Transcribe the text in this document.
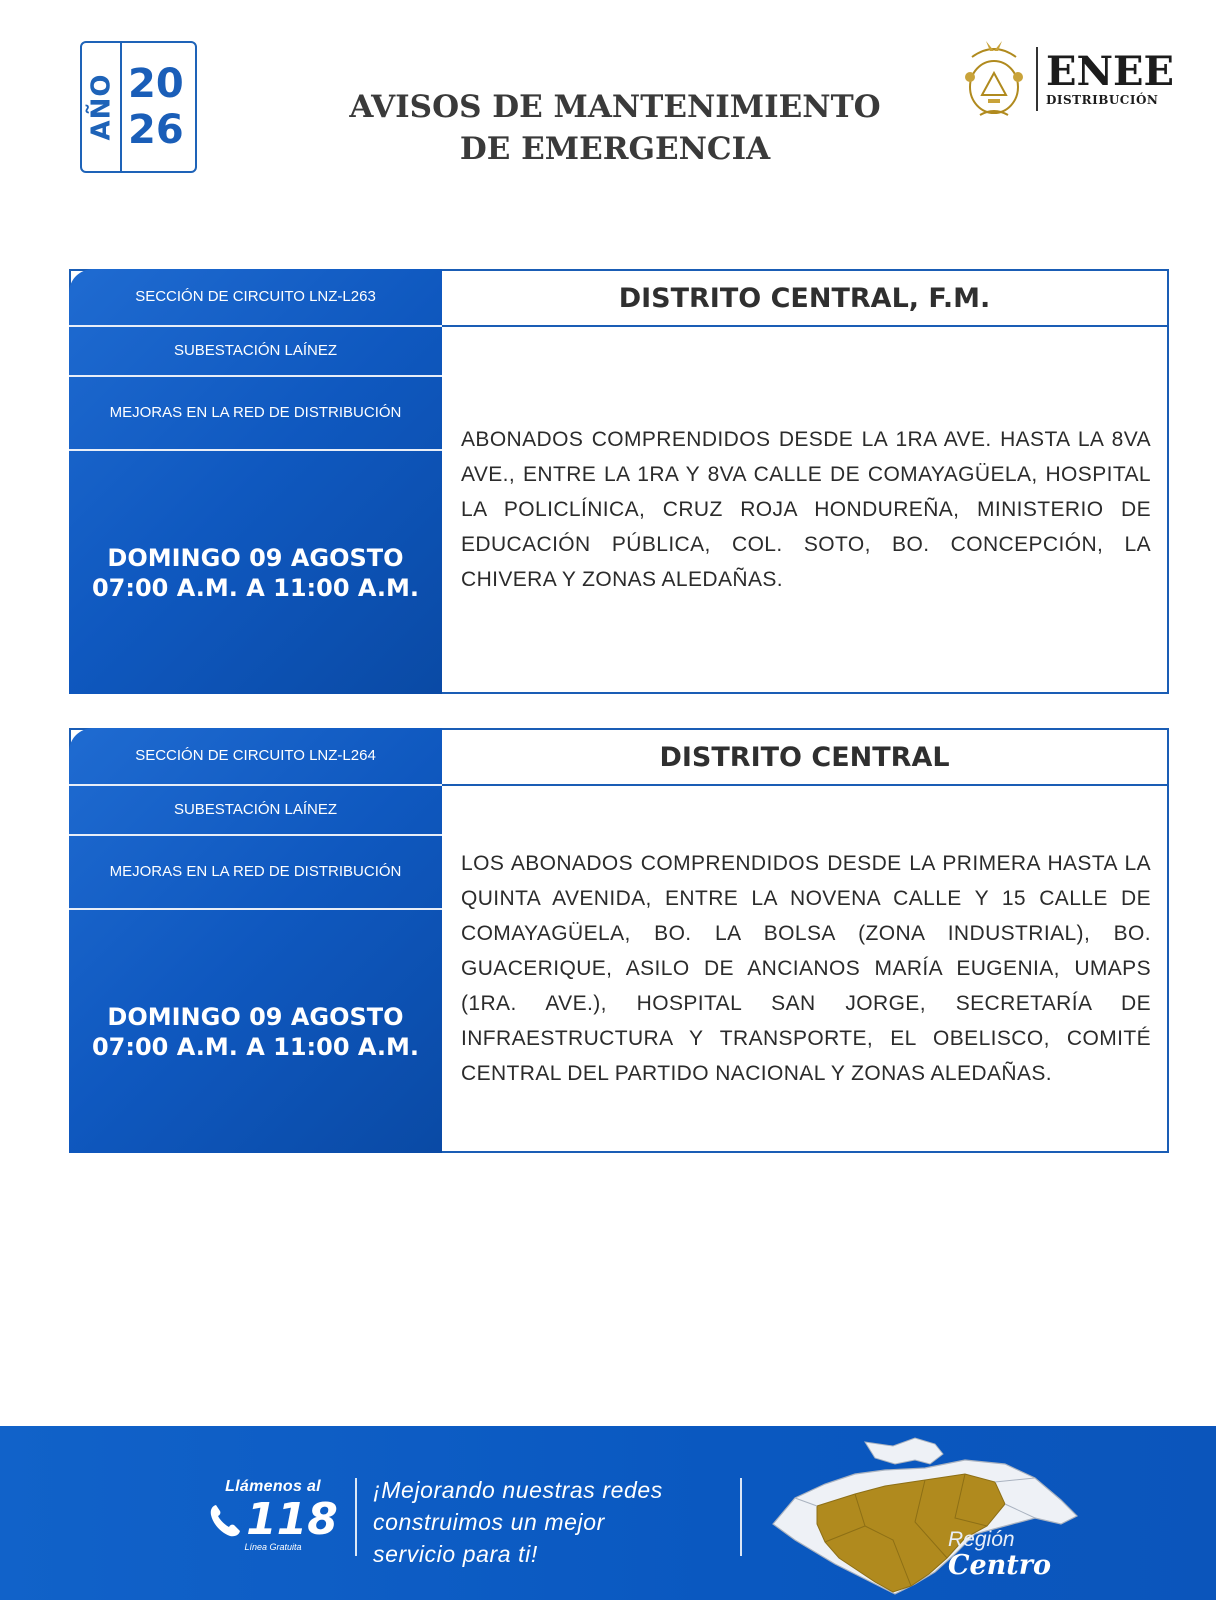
AÑO 20
26	AVISOS DE MANTENIMIENTO
DE EMERGENCIA
ENEE
DISTRIBUCIÓN
SECCIÓN DE CIRCUITO LNZ-L263
SUBESTACIÓN LAÍNEZ
MEJORAS EN LA RED DE DISTRIBUCIÓN
DOMINGO 09 AGOSTO
07:00 A.M. A 11:00 A.M.
DISTRITO CENTRAL, F.M.

ABONADOS COMPRENDIDOS DESDE LA 1RA AVE. HASTA LA 8VA AVE., ENTRE LA 1RA Y 8VA CALLE DE COMAYAGÜELA, HOSPITAL LA POLICLÍNICA, CRUZ ROJA HONDUREÑA, MINISTERIO DE EDUCACIÓN PÚBLICA, COL. SOTO, BO. CONCEPCIÓN, LA CHIVERA Y ZONAS ALEDAÑAS.

SECCIÓN DE CIRCUITO LNZ-L264
SUBESTACIÓN LAÍNEZ
MEJORAS EN LA RED DE DISTRIBUCIÓN
DOMINGO 09 AGOSTO
07:00 A.M. A 11:00 A.M.
DISTRITO CENTRAL

LOS ABONADOS COMPRENDIDOS DESDE LA PRIMERA HASTA LA QUINTA AVENIDA, ENTRE LA NOVENA CALLE Y 15 CALLE DE COMAYAGÜELA, BO. LA BOLSA (ZONA INDUSTRIAL), BO. GUACERIQUE, ASILO DE ANCIANOS MARÍA EUGENIA, UMAPS (1RA. AVE.), HOSPITAL SAN JORGE, SECRETARÍA DE INFRAESTRUCTURA Y TRANSPORTE, EL OBELISCO, COMITÉ CENTRAL DEL PARTIDO NACIONAL Y ZONAS ALEDAÑAS.

Llámenos al
118
Línea Gratuita
¡Mejorando nuestras redes
construimos un mejor
servicio para ti!
Región
Centro
